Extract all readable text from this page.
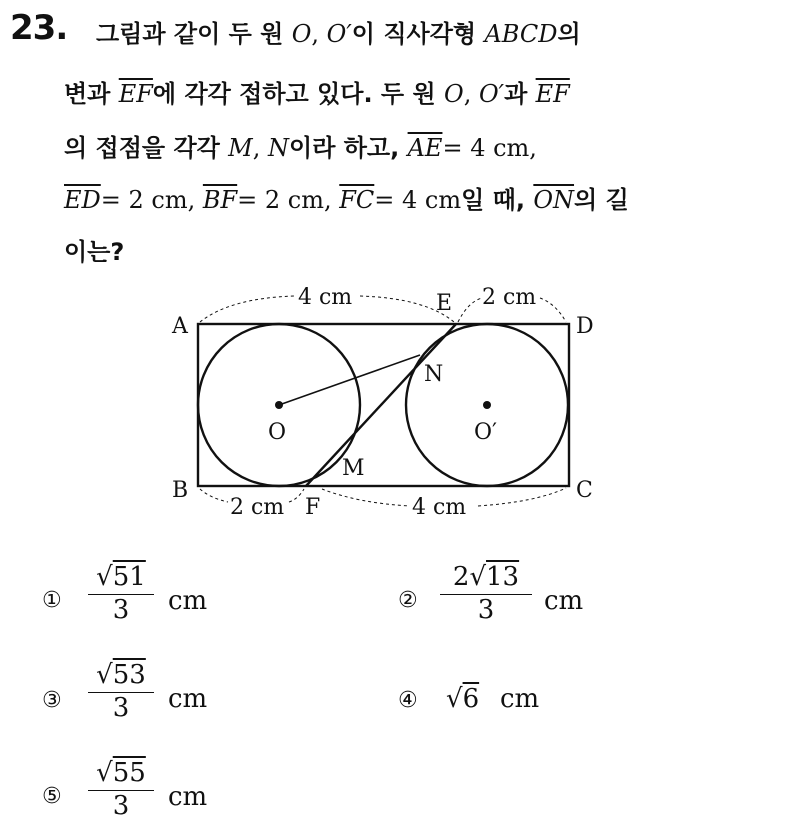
23. 그림과 같이 두 원 O, O′이 직사각형 ABCD의
변과 $\overline{EF}$에 각각 접하고 있다. 두 원 O, O′과 $\overline{EF}$
의 접점을 각각 M, N이라 하고, $\overline{AE}= 4$ cm,
$\overline{ED}= 2$ cm, $\overline{BF}= 2$ cm, $\overline{FC}= 4$ cm일 때, $\overline{ON}$의 길
이는?
A
B	C
D
E
F
M
N
O	O′
4 cm	2 cm
2 cm	4 cm
①
√51
3	cm	②
2√13
3	cm
③
√53
3	cm	④ √6 cm
⑤
√55
3	cm
